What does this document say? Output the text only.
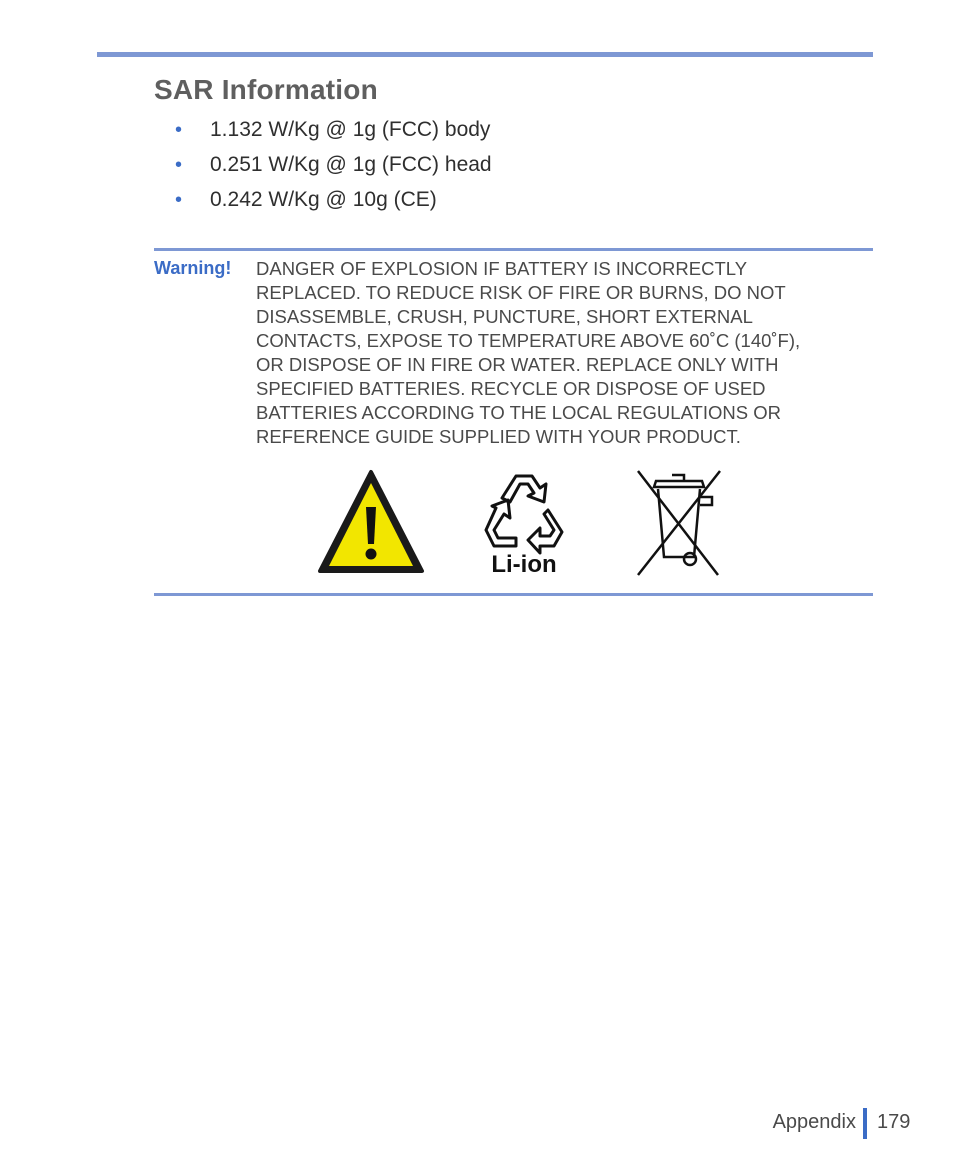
SAR Information
• 1.132 W/Kg @ 1g (FCC) body
• 0.251 W/Kg @ 1g (FCC) head
• 0.242 W/Kg @ 10g (CE)
Warning! DANGER OF EXPLOSION IF BATTERY IS INCORRECTLY
REPLACED. TO REDUCE RISK OF FIRE OR BURNS, DO NOT
DISASSEMBLE, CRUSH, PUNCTURE, SHORT EXTERNAL
CONTACTS, EXPOSE TO TEMPERATURE ABOVE 60˚C (140˚F),
OR DISPOSE OF IN FIRE OR WATER. REPLACE ONLY WITH
SPECIFIED BATTERIES. RECYCLE OR DISPOSE OF USED
BATTERIES ACCORDING TO THE LOCAL REGULATIONS OR
REFERENCE GUIDE SUPPLIED WITH YOUR PRODUCT.

Li-ion
Appendix 179
